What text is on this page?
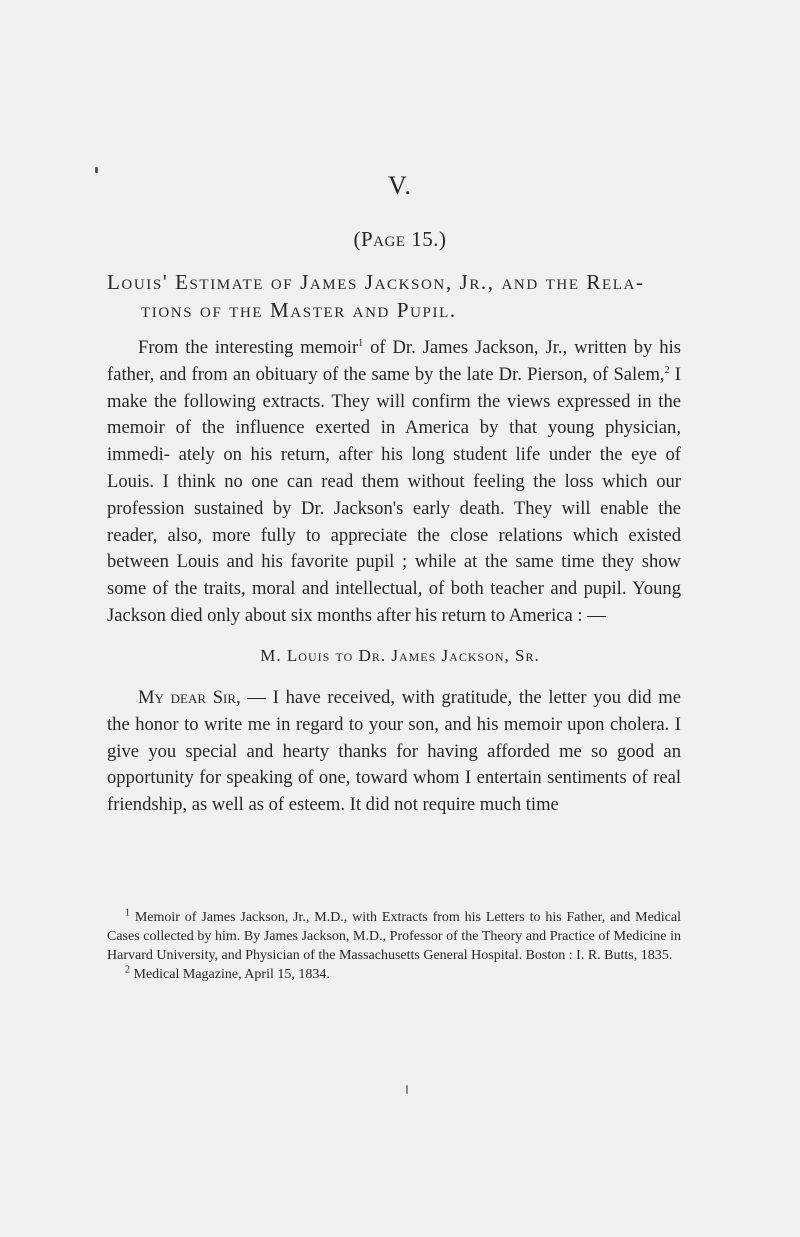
V.
(Page 15.)
Louis' Estimate of James Jackson, Jr., and the Rela-
tions of the Master and Pupil.

From the interesting memoir$^1$ of Dr. James Jackson, Jr., written by his father, and from an obituary of the same by the late Dr. Pierson, of Salem,$^2$ I make the following extracts. They will confirm the views expressed in the memoir of the influence exerted in America by that young physician, immedi- ately on his return, after his long student life under the eye of Louis. I think no one can read them without feeling the loss which our profession sustained by Dr. Jackson's early death. They will enable the reader, also, more fully to appreciate the close relations which existed between Louis and his favorite pupil ; while at the same time they show some of the traits, moral and intellectual, of both teacher and pupil. Young Jackson died only about six months after his return to America : —

M. Louis to Dr. James Jackson, Sr.

My dear Sir, — I have received, with gratitude, the letter you did me the honor to write me in regard to your son, and his memoir upon cholera. I give you special and hearty thanks for having afforded me so good an opportunity for speaking of one, toward whom I entertain sentiments of real friendship, as well as of esteem. It did not require much time

$^1$ Memoir of James Jackson, Jr., M.D., with Extracts from his Letters to his Father, and Medical Cases collected by him. By James Jackson, M.D., Professor of the Theory and Practice of Medicine in Harvard University, and Physician of the Massachusetts General Hospital. Boston : I. R. Butts, 1835.

$^2$ Medical Magazine, April 15, 1834.
